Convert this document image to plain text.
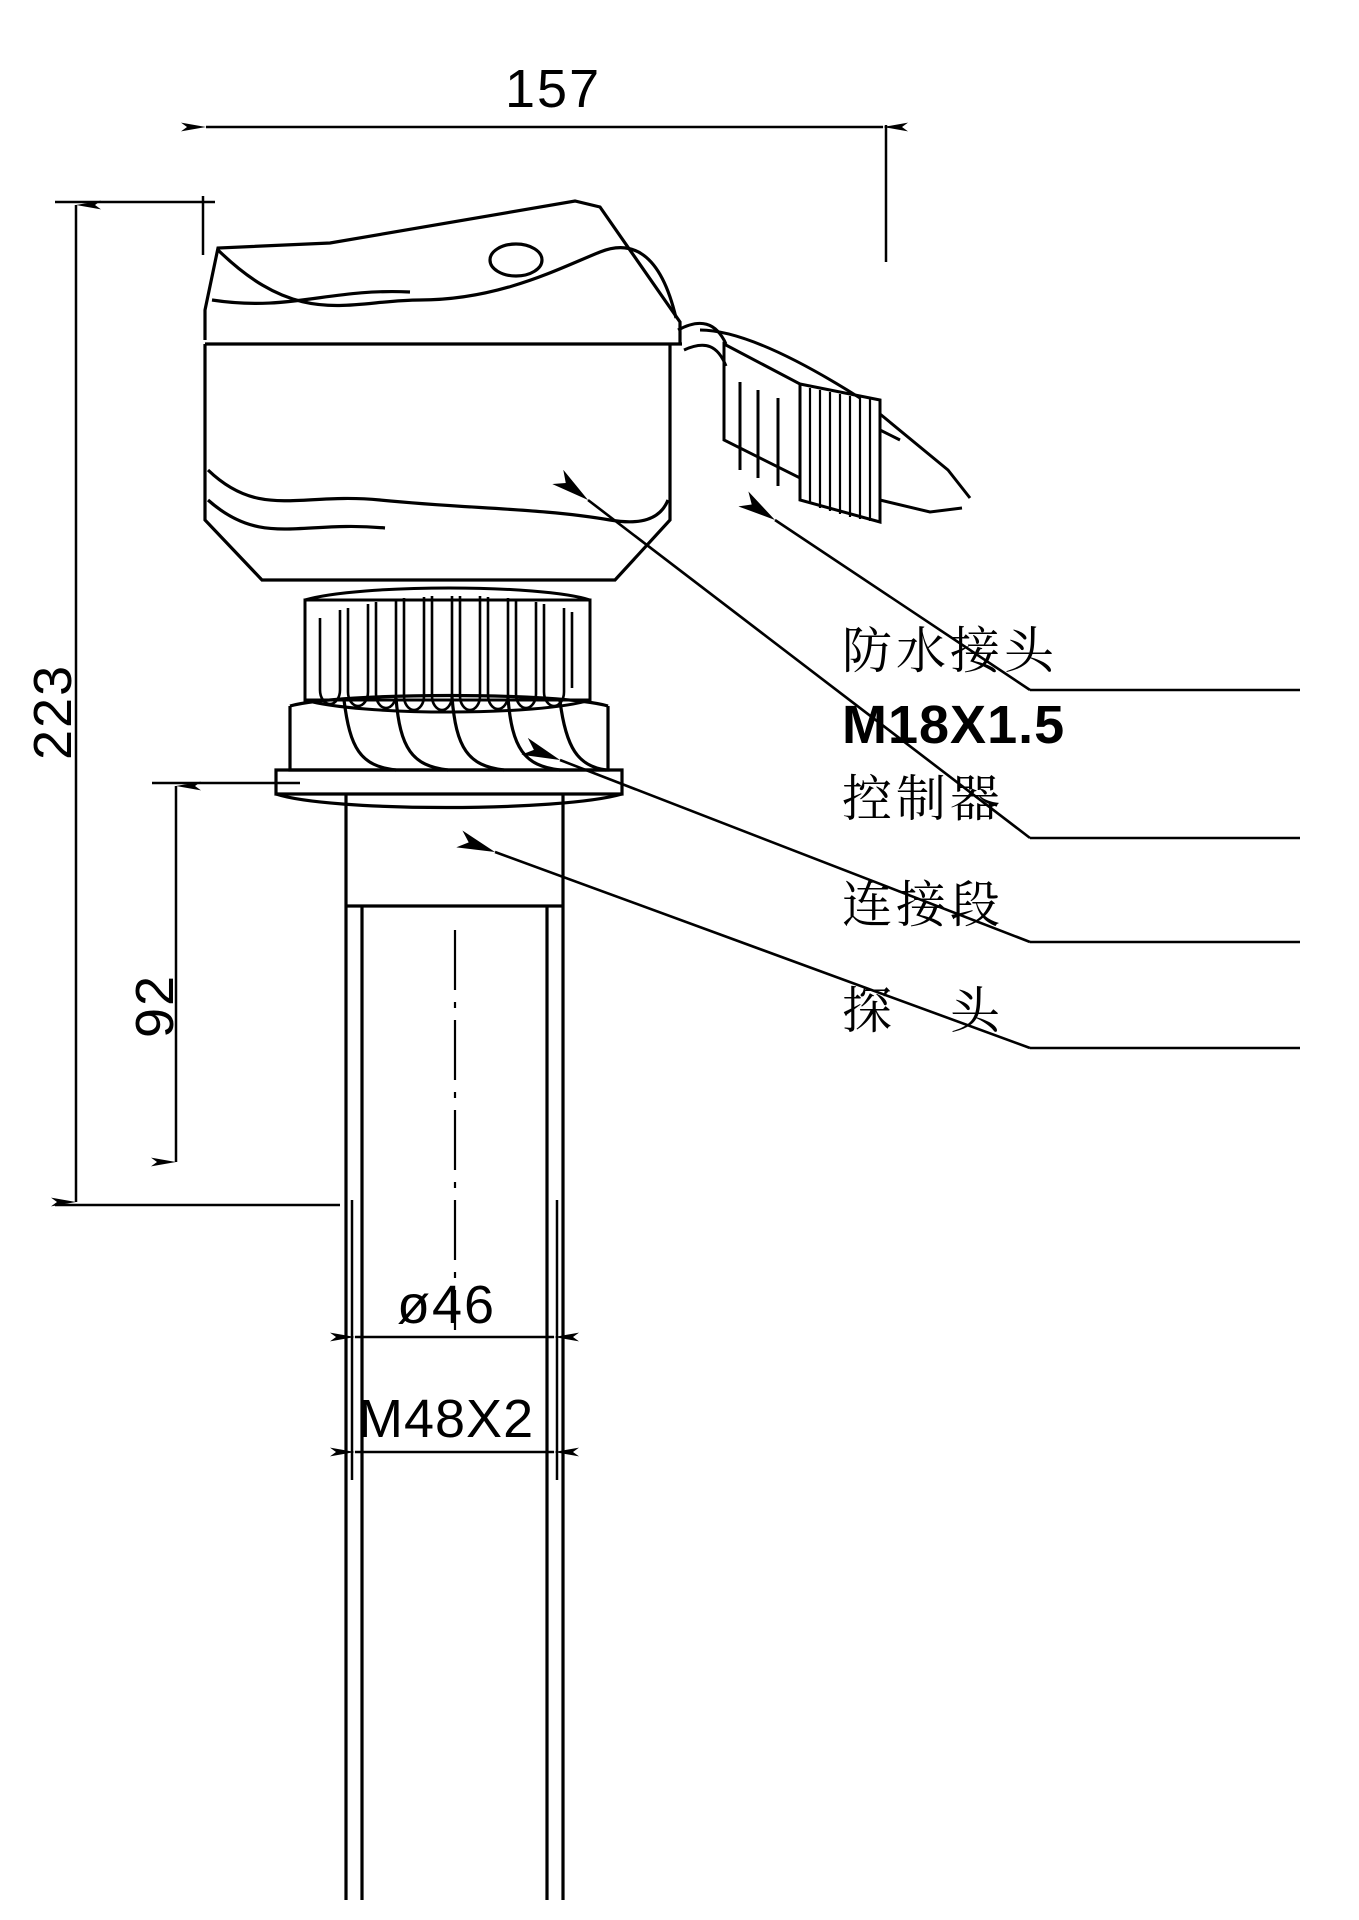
157
223
92
ø46
M48X2
防水接头
M18X1.5
控制器
连接段
探　头
